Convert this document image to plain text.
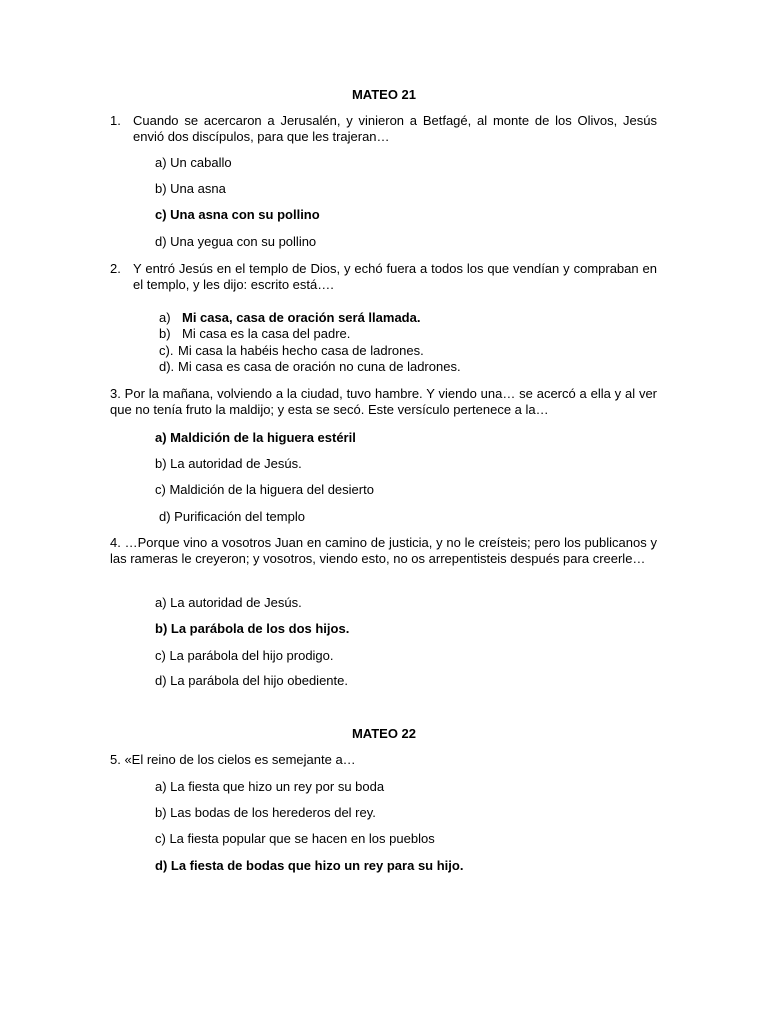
MATEO 21
1. Cuando se acercaron a Jerusalén, y vinieron a Betfagé, al monte de los Olivos, Jesús envió dos discípulos, para que les trajeran…
a) Un caballo
b) Una asna
c) Una asna con su pollino
d) Una yegua con su pollino
2. Y entró Jesús en el templo de Dios, y echó fuera a todos los que vendían y compraban en el templo, y les dijo: escrito está….
a) Mi casa, casa de oración será llamada.
b) Mi casa es la casa del padre.
c). Mi casa la habéis hecho casa de ladrones.
d). Mi casa es casa de oración no cuna de ladrones.
3. Por la mañana, volviendo a la ciudad, tuvo hambre. Y viendo una… se acercó a ella y al ver que no tenía fruto la maldijo; y esta se secó. Este versículo pertenece a la…
a) Maldición de la higuera estéril
b) La autoridad de Jesús.
c) Maldición de la higuera del desierto
d) Purificación del templo
4. …Porque vino a vosotros Juan en camino de justicia, y no le creísteis; pero los publicanos y las rameras le creyeron; y vosotros, viendo esto, no os arrepentisteis después para creerle…
a) La autoridad de Jesús.
b) La parábola de los dos hijos.
c) La parábola del hijo prodigo.
d) La parábola del hijo obediente.
MATEO 22
5. «El reino de los cielos es semejante a…
a) La fiesta que hizo un rey por su boda
b) Las bodas de los herederos del rey.
c) La fiesta popular que se hacen en los pueblos
d) La fiesta de bodas que hizo un rey para su hijo.
